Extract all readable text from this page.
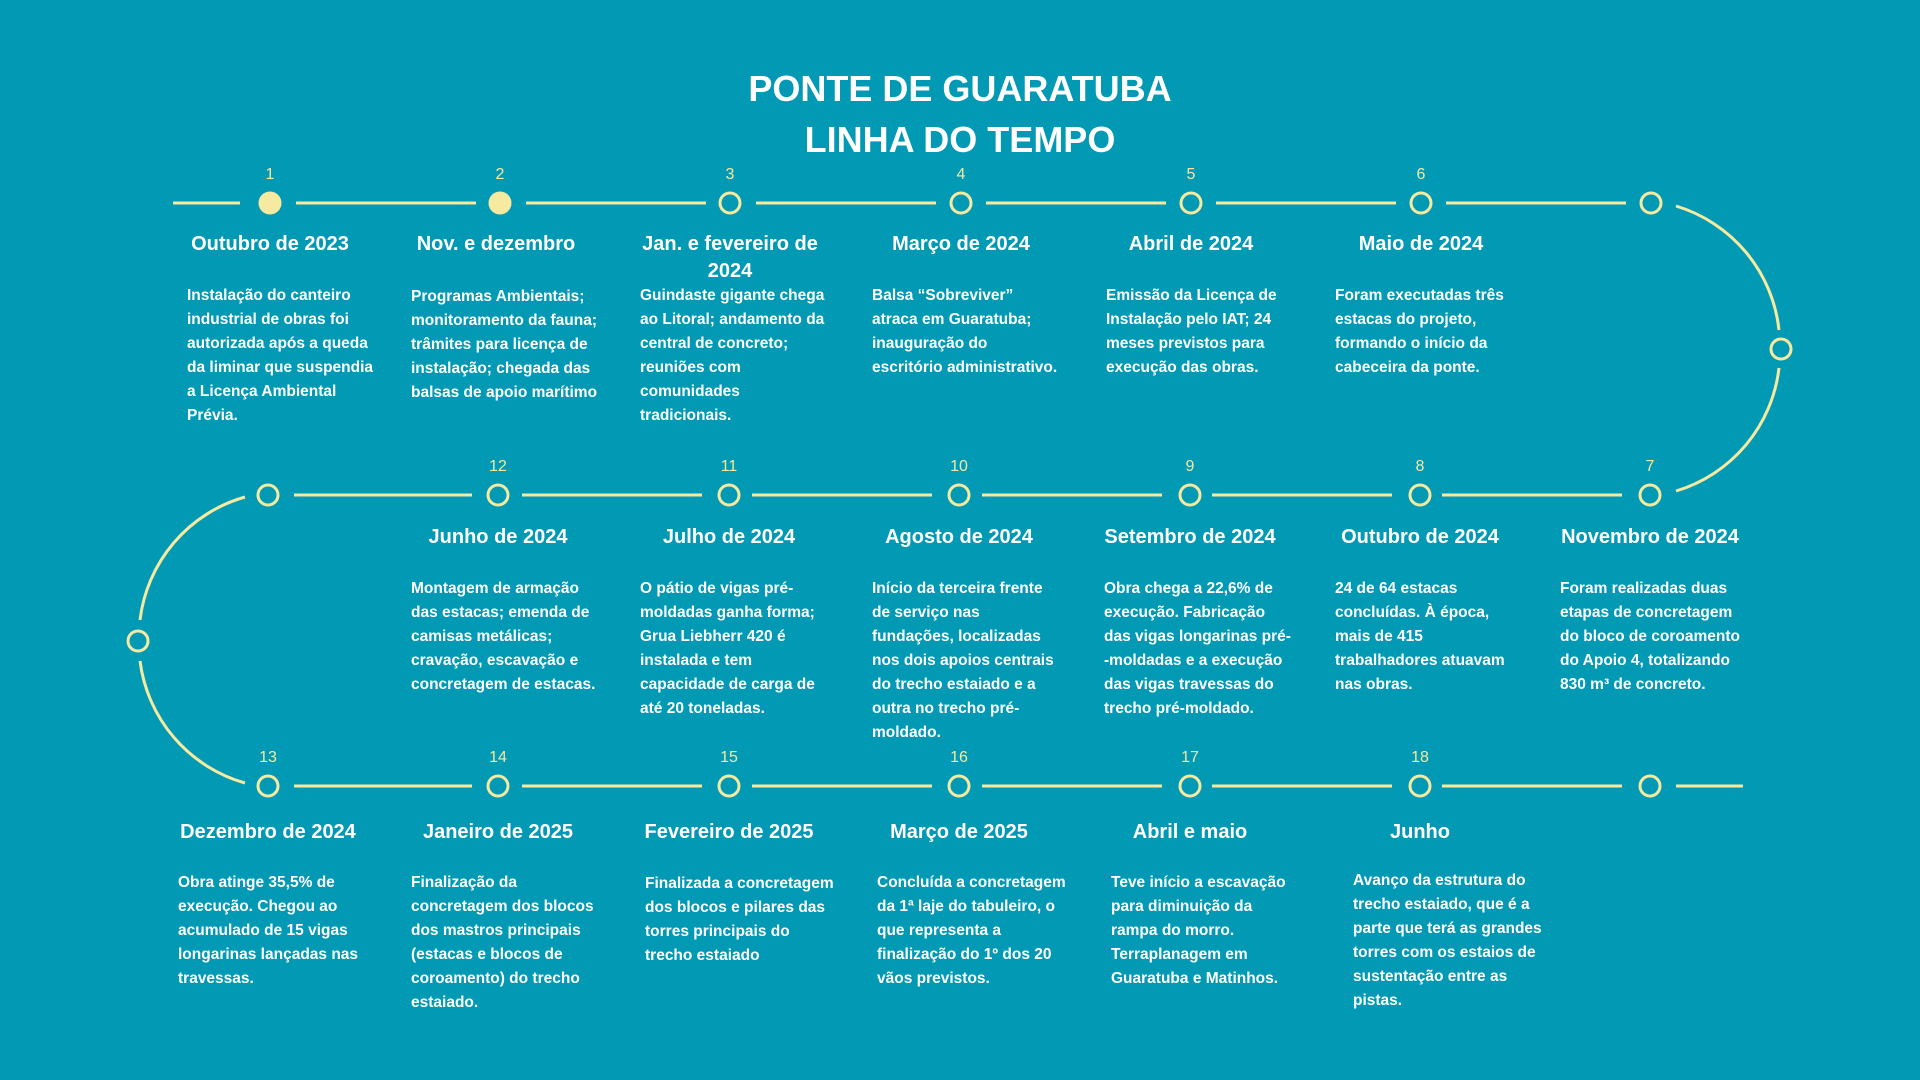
PONTE DE GUARATUBA
LINHA DO TEMPO
1
Outubro de 2023
Instalação do canteiro industrial de obras foi autorizada após a queda da liminar que suspendia a Licença Ambiental Prévia.
2
Nov. e dezembro
Programas Ambientais; monitoramento da fauna; trâmites para licença de instalação; chegada das balsas de apoio marítimo
3
Jan. e fevereiro de 2024
Guindaste gigante chega ao Litoral; andamento da central de concreto; reuniões com comunidades tradicionais.
4
Março de 2024
Balsa “Sobreviver” atraca em Guaratuba; inauguração do escritório administrativo.
5
Abril de 2024
Emissão da Licença de Instalação pelo IAT; 24 meses previstos para execução das obras.
6
Maio de 2024
Foram executadas três estacas do projeto, formando o início da cabeceira da ponte.
7
Novembro de 2024
Foram realizadas duas etapas de concretagem do bloco de coroamento do Apoio 4, totalizando 830 m³ de concreto.
8
Outubro de 2024
24 de 64 estacas concluídas. À época, mais de 415 trabalhadores atuavam nas obras.
9
Setembro de 2024
Obra chega a 22,6% de execução. Fabricação das vigas longarinas pré- -moldadas e a execução das vigas travessas do trecho pré-moldado.
10
Agosto de 2024
Início da terceira frente de serviço nas fundações, localizadas nos dois apoios centrais do trecho estaiado e a outra no trecho pré-moldado.
11
Julho de 2024
O pátio de vigas pré-moldadas ganha forma; Grua Liebherr 420 é instalada e tem capacidade de carga de até 20 toneladas.
12
Junho de 2024
Montagem de armação das estacas; emenda de camisas metálicas; cravação, escavação e concretagem de estacas.
13
Dezembro de 2024
Obra atinge 35,5% de execução. Chegou ao acumulado de 15 vigas longarinas lançadas nas travessas.
14
Janeiro de 2025
Finalização da concretagem dos blocos dos mastros principais (estacas e blocos de coroamento) do trecho estaiado.
15
Fevereiro de 2025
Finalizada a concretagem dos blocos e pilares das torres principais do trecho estaiado
16
Março de 2025
Concluída a concretagem da 1ª laje do tabuleiro, o que representa a finalização do 1º dos 20 vãos previstos.
17
Abril e maio
Teve início a escavação para diminuição da rampa do morro. Terraplanagem em Guaratuba e Matinhos.
18
Junho
Avanço da estrutura do trecho estaiado, que é a parte que terá as grandes torres com os estaios de sustentação entre as pistas.
